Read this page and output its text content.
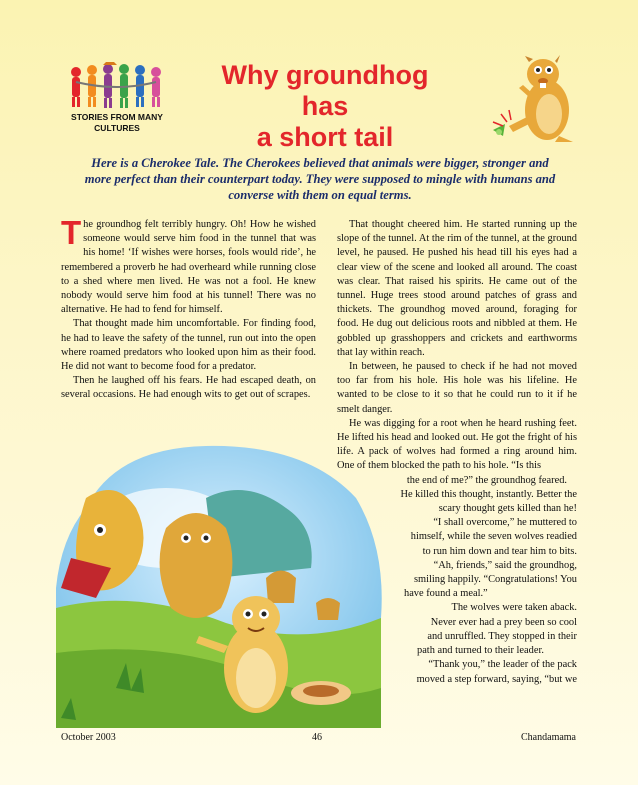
STORIES FROM MANY
CULTURES
Why groundhog has
a short tail
Here is a Cherokee Tale. The Cherokees believed that animals were bigger, stronger and more perfect than their counterpart today. They were supposed to mingle with humans and converse with them on equal terms.

The groundhog felt terribly hungry. Oh! How he wished someone would serve him food in the tunnel that was his home! ‘If wishes were horses, fools would ride’, he remembered a proverb he had overheard while running close to a shed where men lived. He was not a fool. He knew nobody would serve him food at his tunnel! There was no alternative. He had to fend for himself.

That thought made him uncomfortable. For finding food, he had to leave the safety of the tunnel, run out into the open where roamed predators who looked upon him as their food. He did not want to become food for a predator.

Then he laughed off his fears. He had escaped death, on several occasions. He had enough wits to get out of scrapes.

That thought cheered him. He started running up the slope of the tunnel. At the rim of the tunnel, at the ground level, he paused. He pushed his head till his eyes had a clear view of the scene and looked all around. The coast was clear. That raised his spirits. He came out of the tunnel. Huge trees stood around patches of grass and thickets. The groundhog moved around, foraging for food. He dug out delicious roots and nibbled at them. He gobbled up grasshoppers and crickets and earthworms that lay within reach.

In between, he paused to check if he had not moved too far from his hole. His hole was his lifeline. He wanted to be close to it so that he could run to it if he smelt danger.

He was digging for a root when he heard rushing feet. He lifted his head and looked out. He got the fright of his life. A pack of wolves had formed a ring around him. One of them blocked the path to his hole. “Is this

the end of me?” the groundhog feared.

He killed this thought, instantly. Better the
scary thought gets killed than he!

“I shall overcome,” he muttered to
himself, while the seven wolves readied
to run him down and tear him to bits.

“Ah, friends,” said the groundhog,
smiling happily. “Congratulations! You
have found a meal.”

The wolves were taken aback.
Never ever had a prey been so cool
and unruffled. They stopped in their
path and turned to their leader.

“Thank you,” the leader of the pack
moved a step forward, saying, “but we

October 2003	46	Chandamama
